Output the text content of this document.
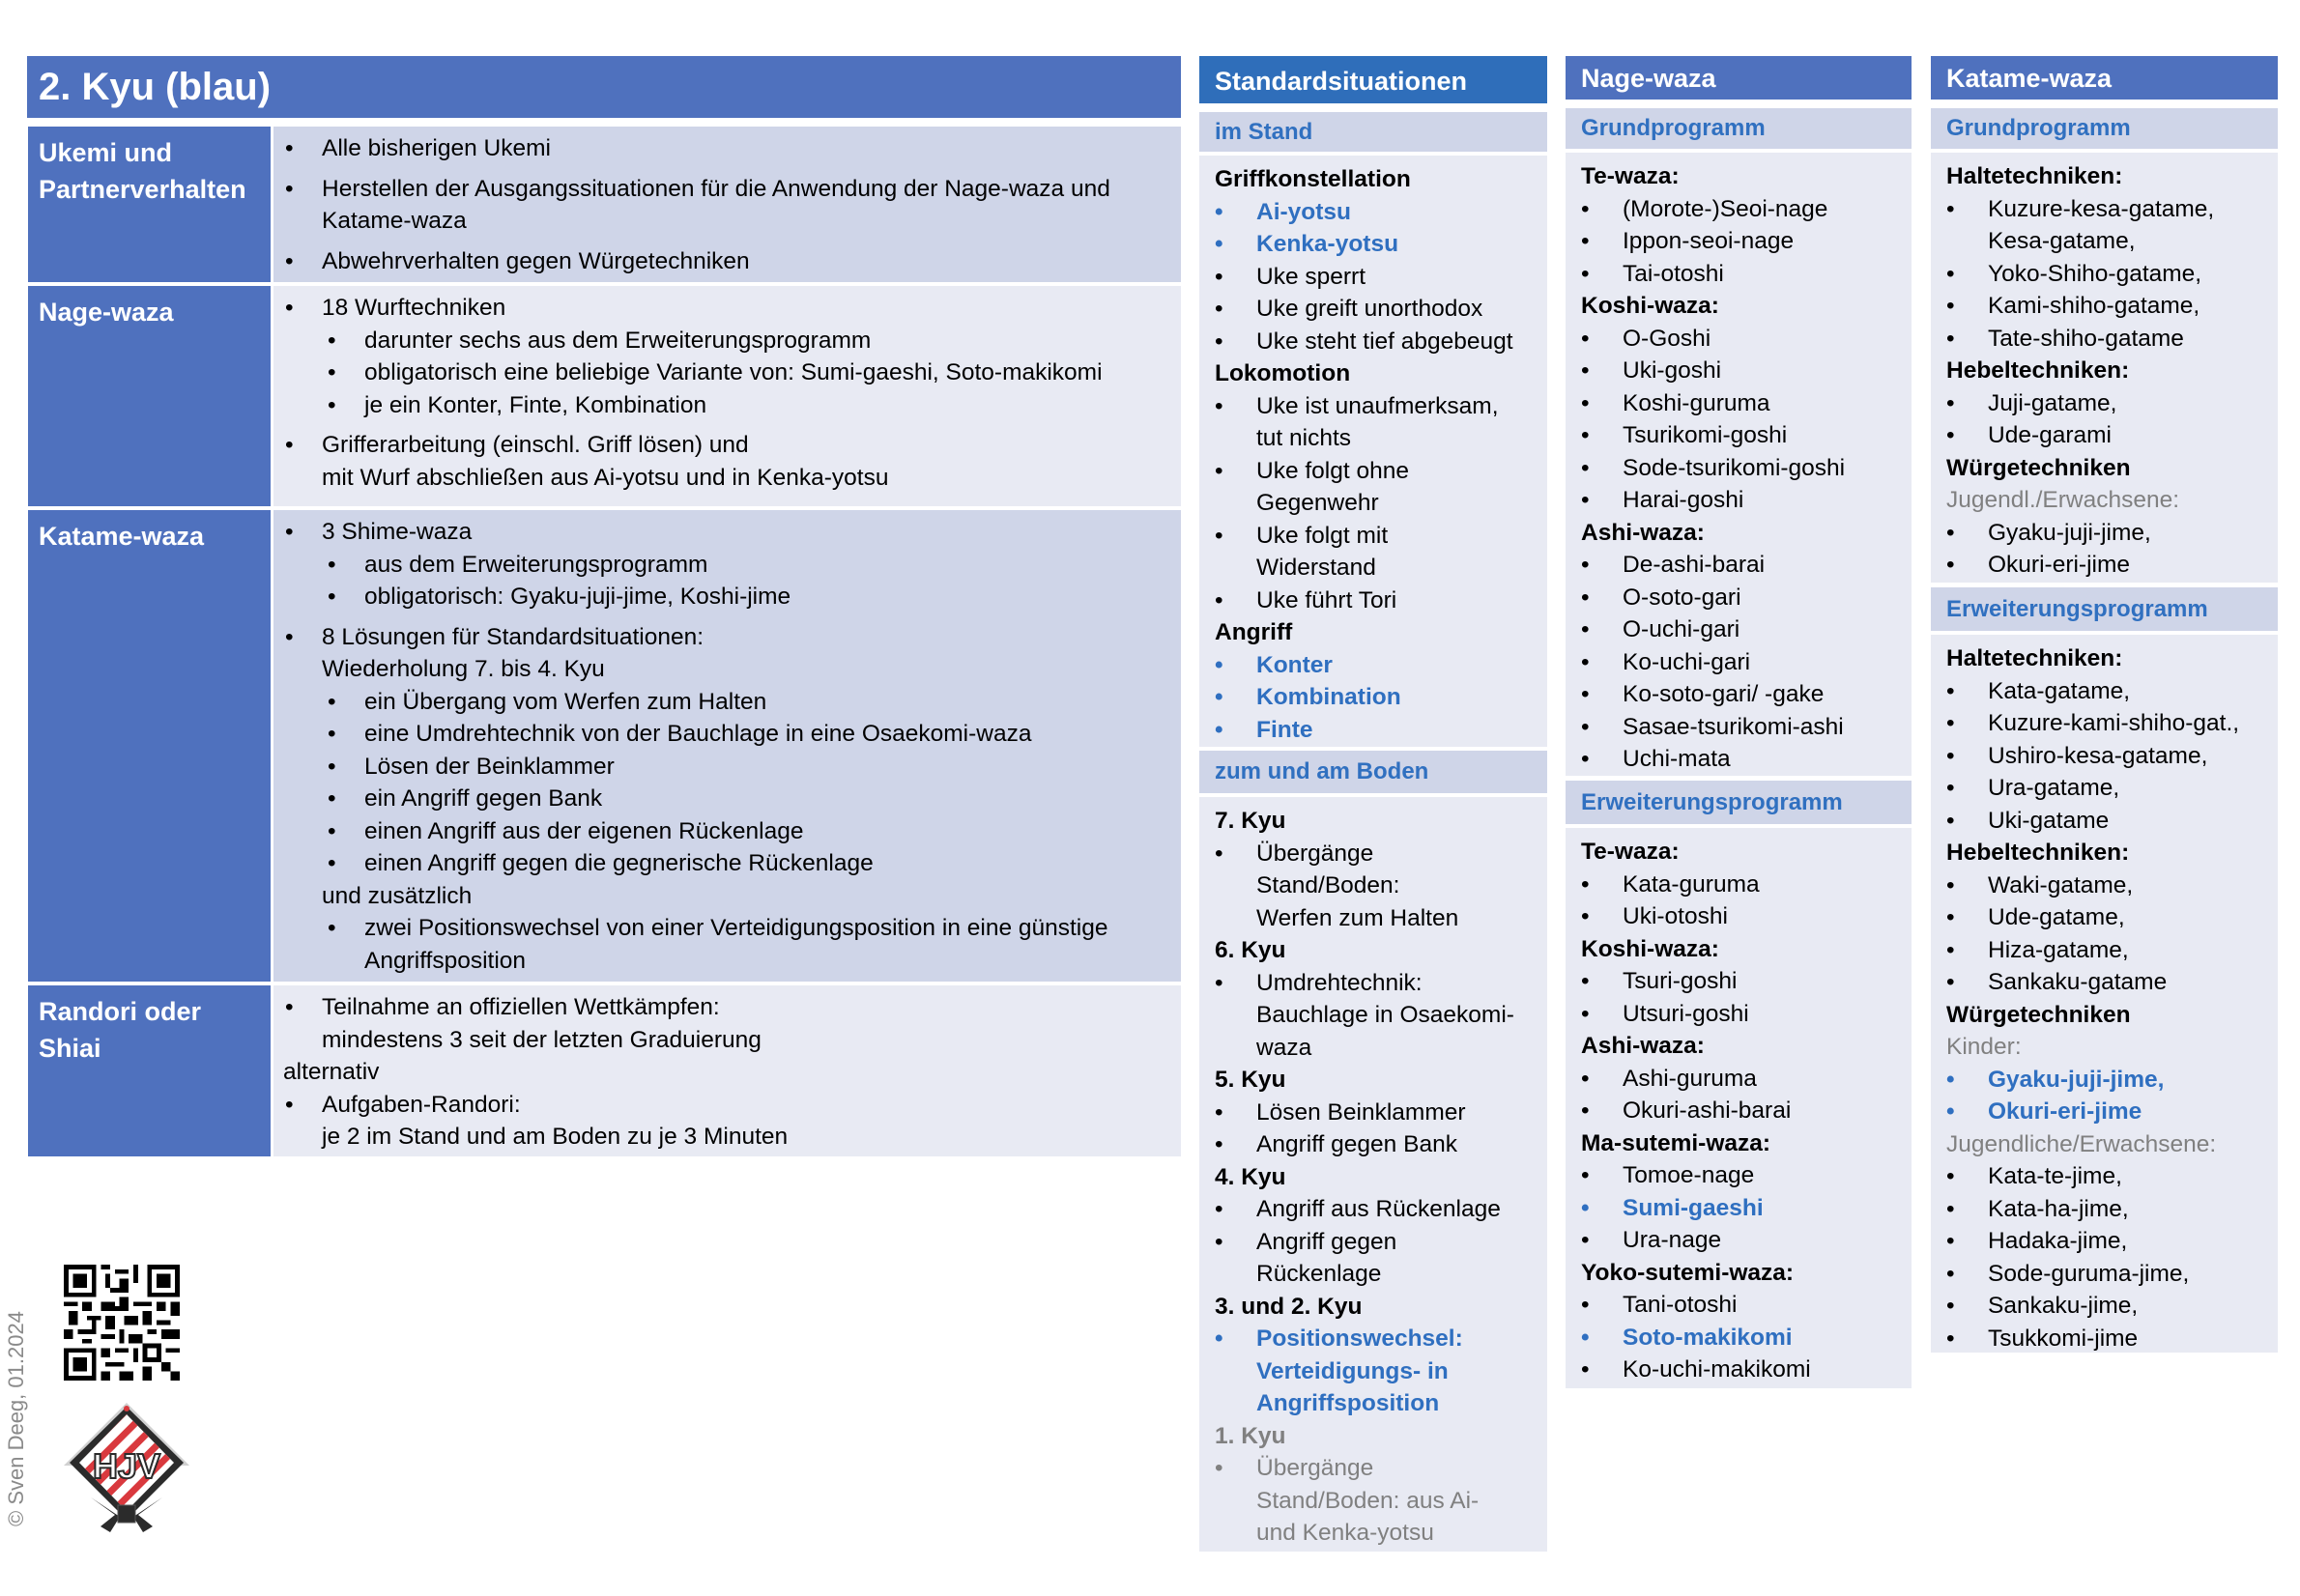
2. Kyu (blau)
Ukemi und
Partnerverhalten
• Alle bisherigen Ukemi
• Herstellen der Ausgangssituationen für die Anwendung der Nage-waza und
Katame-waza
• Abwehrverhalten gegen Würgetechniken
Nage-waza	• 18 Wurftechniken
• darunter sechs aus dem Erweiterungsprogramm
• obligatorisch eine beliebige Variante von: Sumi-gaeshi, Soto-makikomi
• je ein Konter, Finte, Kombination
• Grifferarbeitung (einschl. Griff lösen) und
mit Wurf abschließen aus Ai-yotsu und in Kenka-yotsu
Katame-waza	• 3 Shime-waza
• aus dem Erweiterungsprogramm
• obligatorisch: Gyaku-juji-jime, Koshi-jime
• 8 Lösungen für Standardsituationen:
Wiederholung 7. bis 4. Kyu
• ein Übergang vom Werfen zum Halten
• eine Umdrehtechnik von der Bauchlage in eine Osaekomi-waza
• Lösen der Beinklammer
• ein Angriff gegen Bank
• einen Angriff aus der eigenen Rückenlage
• einen Angriff gegen die gegnerische Rückenlage
und zusätzlich
• zwei Positionswechsel von einer Verteidigungsposition in eine günstige
Angriffsposition
Randori oder
Shiai
• Teilnahme an offiziellen Wettkämpfen:
mindestens 3 seit der letzten Graduierung
alternativ
• Aufgaben-Randori:
je 2 im Stand und am Boden zu je 3 Minuten
Standardsituationen
im Stand
Griffkonstellation
• Ai-yotsu
• Kenka-yotsu
• Uke sperrt
• Uke greift unorthodox
• Uke steht tief abgebeugt
Lokomotion
• Uke ist unaufmerksam,
tut nichts
• Uke folgt ohne
Gegenwehr
• Uke folgt mit
Widerstand
• Uke führt Tori
Angriff
• Konter
• Kombination
• Finte
zum und am Boden
7. Kyu
• Übergänge
Stand/Boden:
Werfen zum Halten
6. Kyu
• Umdrehtechnik:
Bauchlage in Osaekomi-
waza
5. Kyu
• Lösen Beinklammer
• Angriff gegen Bank
4. Kyu
• Angriff aus Rückenlage
• Angriff gegen
Rückenlage
3. und 2. Kyu
• Positionswechsel:
Verteidigungs- in
Angriffsposition
1. Kyu
• Übergänge
Stand/Boden: aus Ai-
und Kenka-yotsu
Nage-waza
Grundprogramm
Te-waza:
• (Morote-)Seoi-nage
• Ippon-seoi-nage
• Tai-otoshi
Koshi-waza:
• O-Goshi
• Uki-goshi
• Koshi-guruma
• Tsurikomi-goshi
• Sode-tsurikomi-goshi
• Harai-goshi
Ashi-waza:
• De-ashi-barai
• O-soto-gari
• O-uchi-gari
• Ko-uchi-gari
• Ko-soto-gari/ -gake
• Sasae-tsurikomi-ashi
• Uchi-mata
Erweiterungsprogramm
Te-waza:
• Kata-guruma
• Uki-otoshi
Koshi-waza:
• Tsuri-goshi
• Utsuri-goshi
Ashi-waza:
• Ashi-guruma
• Okuri-ashi-barai
Ma-sutemi-waza:
• Tomoe-nage
• Sumi-gaeshi
• Ura-nage
Yoko-sutemi-waza:
• Tani-otoshi
• Soto-makikomi
• Ko-uchi-makikomi
Katame-waza
Grundprogramm
Haltetechniken:
• Kuzure-kesa-gatame,
Kesa-gatame,
• Yoko-Shiho-gatame,
• Kami-shiho-gatame,
• Tate-shiho-gatame
Hebeltechniken:
• Juji-gatame,
• Ude-garami
Würgetechniken
Jugendl./Erwachsene:
• Gyaku-juji-jime,
• Okuri-eri-jime
Erweiterungsprogramm
Haltetechniken:
• Kata-gatame,
• Kuzure-kami-shiho-gat.,
• Ushiro-kesa-gatame,
• Ura-gatame,
• Uki-gatame
Hebeltechniken:
• Waki-gatame,
• Ude-gatame,
• Hiza-gatame,
• Sankaku-gatame
Würgetechniken
Kinder:
• Gyaku-juji-jime,
• Okuri-eri-jime
Jugendliche/Erwachsene:
• Kata-te-jime,
• Kata-ha-jime,
• Hadaka-jime,
• Sode-guruma-jime,
• Sankaku-jime,
• Tsukkomi-jime
© Sven Deeg, 01.2024 HJV
